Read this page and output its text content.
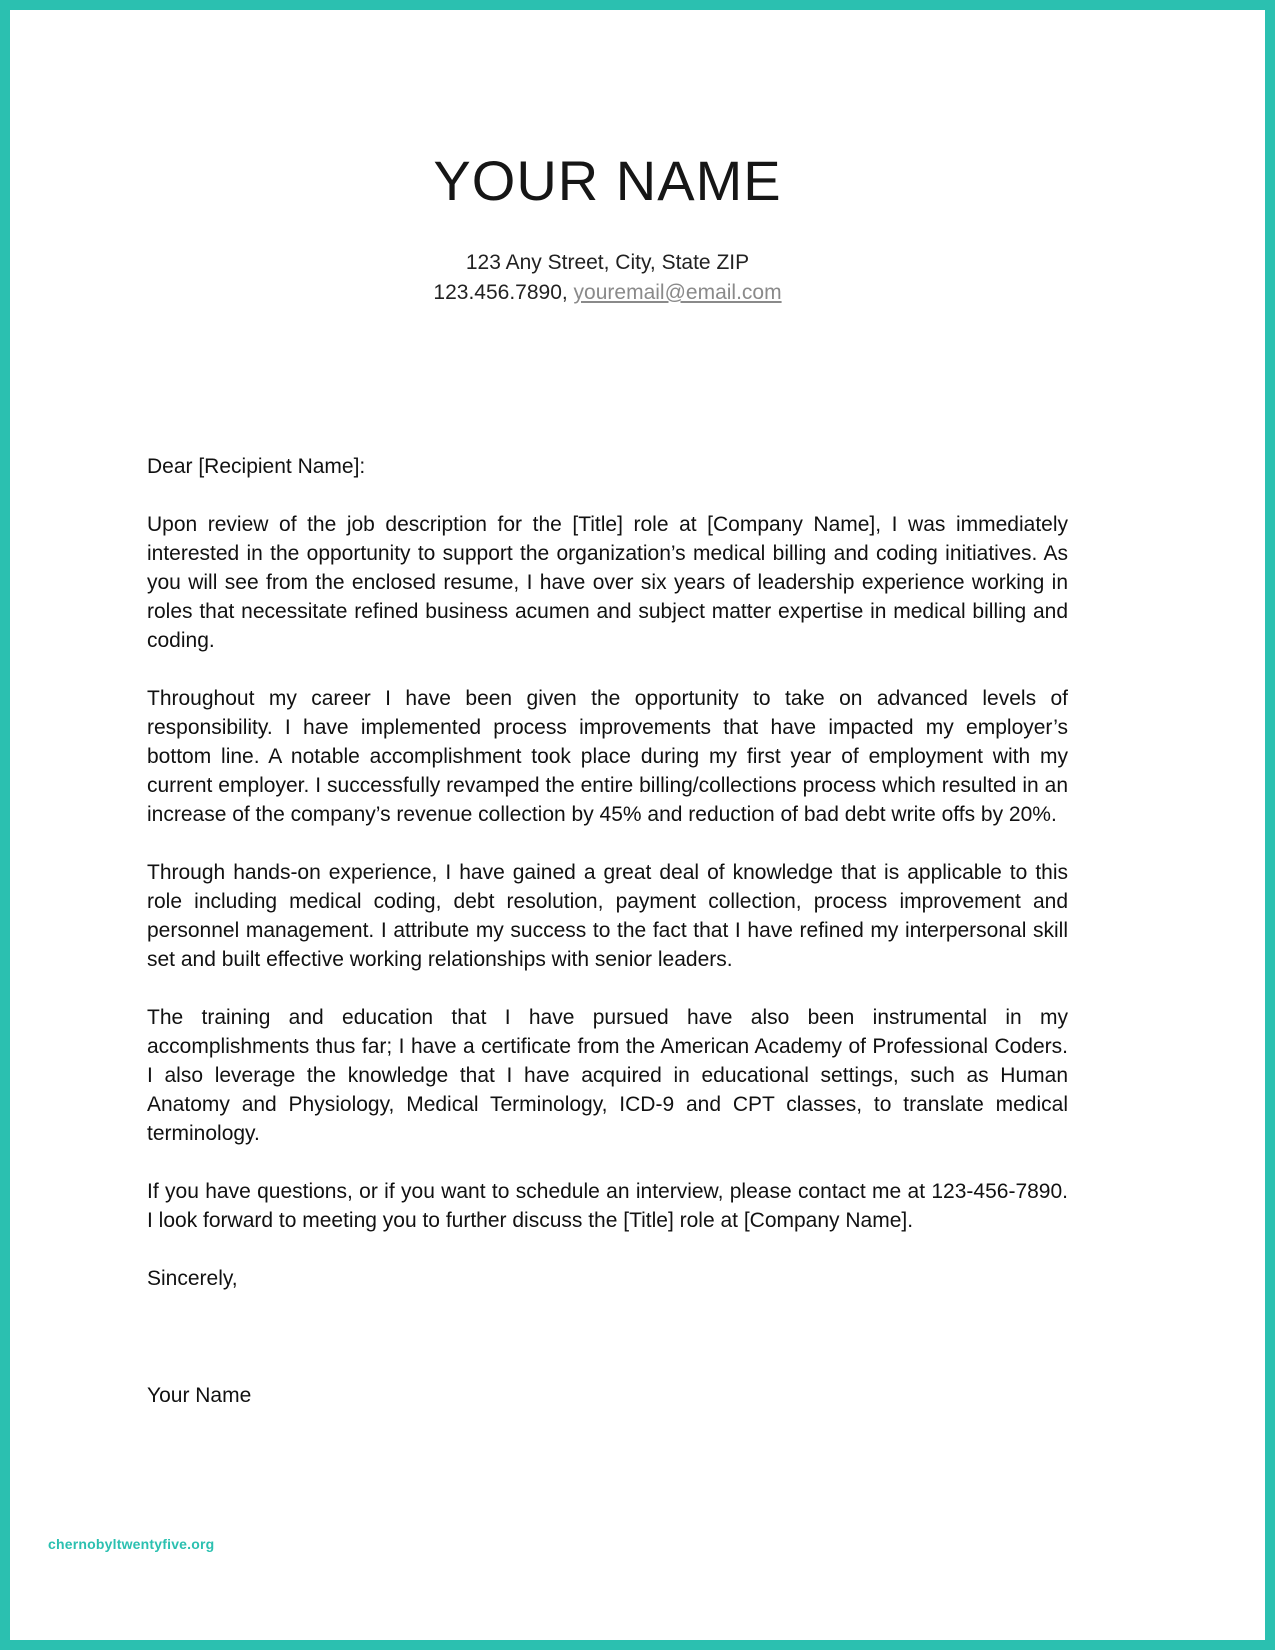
YOUR NAME
123 Any Street, City, State ZIP
123.456.7890, youremail@email.com

Dear [Recipient Name]:

Upon review of the job description for the [Title] role at [Company Name], I was immediately interested in the opportunity to support the organization’s medical billing and coding initiatives. As you will see from the enclosed resume, I have over six years of leadership experience working in roles that necessitate refined business acumen and subject matter expertise in medical billing and coding.

Throughout my career I have been given the opportunity to take on advanced levels of responsibility. I have implemented process improvements that have impacted my employer’s bottom line. A notable accomplishment took place during my first year of employment with my current employer. I successfully revamped the entire billing/collections process which resulted in an increase of the company’s revenue collection by 45% and reduction of bad debt write offs by 20%.

Through hands-on experience, I have gained a great deal of knowledge that is applicable to this role including medical coding, debt resolution, payment collection, process improvement and personnel management. I attribute my success to the fact that I have refined my interpersonal skill set and built effective working relationships with senior leaders.

The training and education that I have pursued have also been instrumental in my accomplishments thus far; I have a certificate from the American Academy of Professional Coders. I also leverage the knowledge that I have acquired in educational settings, such as Human Anatomy and Physiology, Medical Terminology, ICD-9 and CPT classes, to translate medical terminology.

If you have questions, or if you want to schedule an interview, please contact me at 123-456-7890. I look forward to meeting you to further discuss the [Title] role at [Company Name].

Sincerely,

Your Name

chernobyltwentyfive.org
